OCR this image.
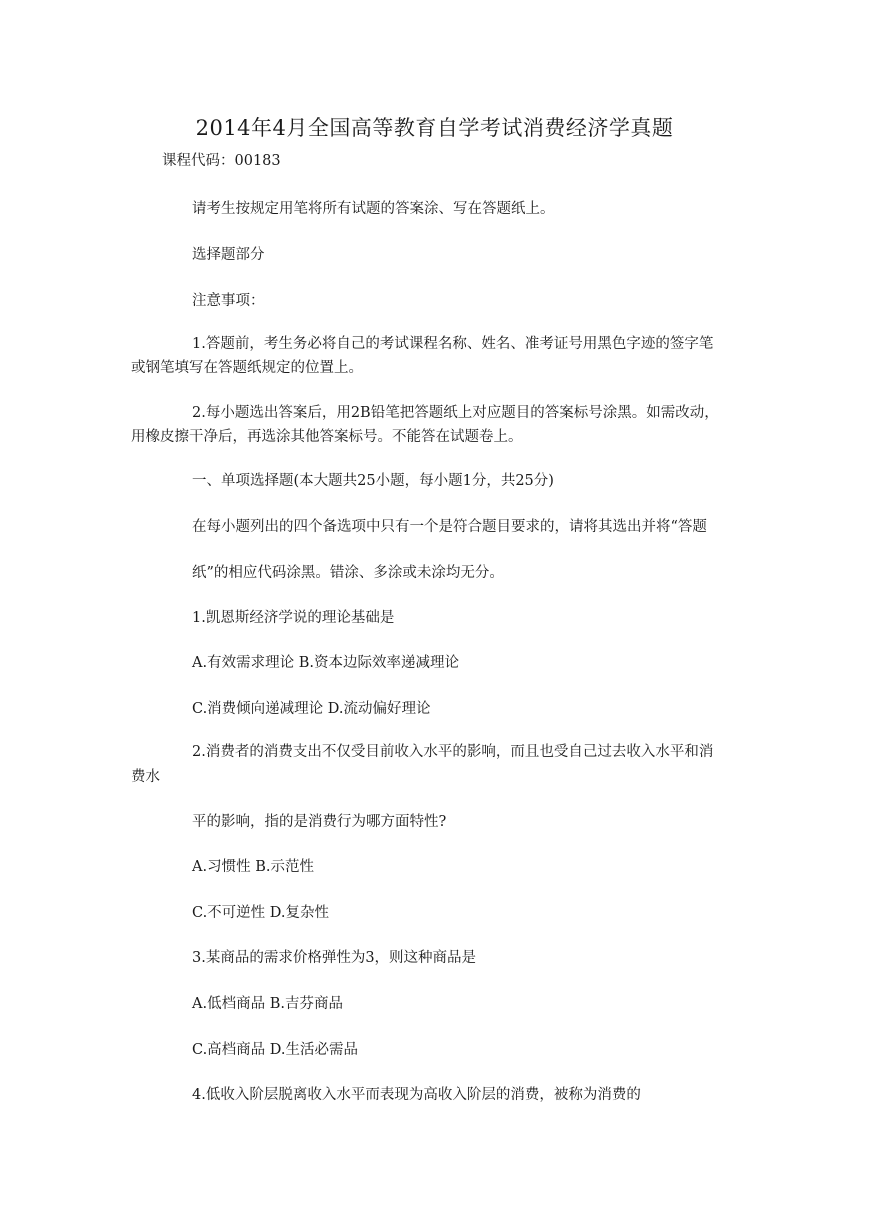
2014年4月全国高等教育自学考试消费经济学真题
课程代码：00183
请考生按规定用笔将所有试题的答案涂、写在答题纸上。
选择题部分
注意事项：
1.答题前，考生务必将自己的考试课程名称、姓名、准考证号用黑色字迹的签字笔
或钢笔填写在答题纸规定的位置上。
2.每小题选出答案后，用2B铅笔把答题纸上对应题目的答案标号涂黑。如需改动，
用橡皮擦干净后，再选涂其他答案标号。不能答在试题卷上。
一、单项选择题(本大题共25小题，每小题1分，共25分)
在每小题列出的四个备选项中只有一个是符合题目要求的，请将其选出并将“答题
纸”的相应代码涂黑。错涂、多涂或未涂均无分。
1.凯恩斯经济学说的理论基础是
A.有效需求理论 B.资本边际效率递减理论
C.消费倾向递减理论 D.流动偏好理论
2.消费者的消费支出不仅受目前收入水平的影响，而且也受自己过去收入水平和消
费水
平的影响，指的是消费行为哪方面特性?
A.习惯性 B.示范性
C.不可逆性 D.复杂性
3.某商品的需求价格弹性为3，则这种商品是
A.低档商品 B.吉芬商品
C.高档商品 D.生活必需品
4.低收入阶层脱离收入水平而表现为高收入阶层的消费，被称为消费的
